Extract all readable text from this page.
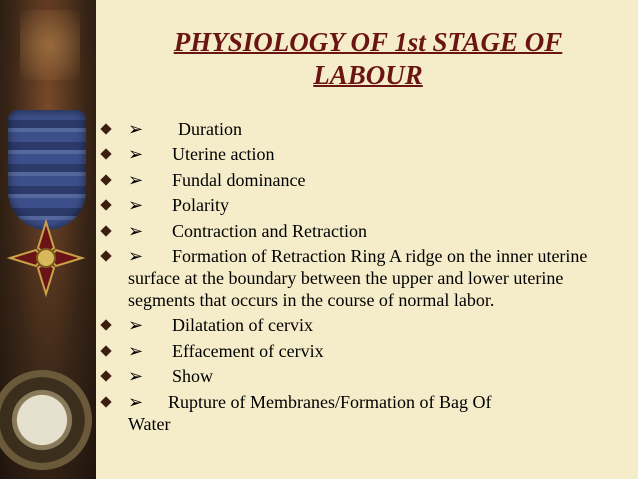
PHYSIOLOGY OF 1st STAGE OF
LABOUR
➢ Duration
➢ Uterine action
➢ Fundal dominance
➢ Polarity
➢ Contraction and Retraction
➢ Formation of Retraction Ring A ridge on the inner uterine surface at the boundary between the upper and lower uterine segments that occurs in the course of normal labor.
➢ Dilatation of cervix
➢ Effacement of cervix
➢ Show
➢ Rupture of Membranes/Formation of Bag Of Water
